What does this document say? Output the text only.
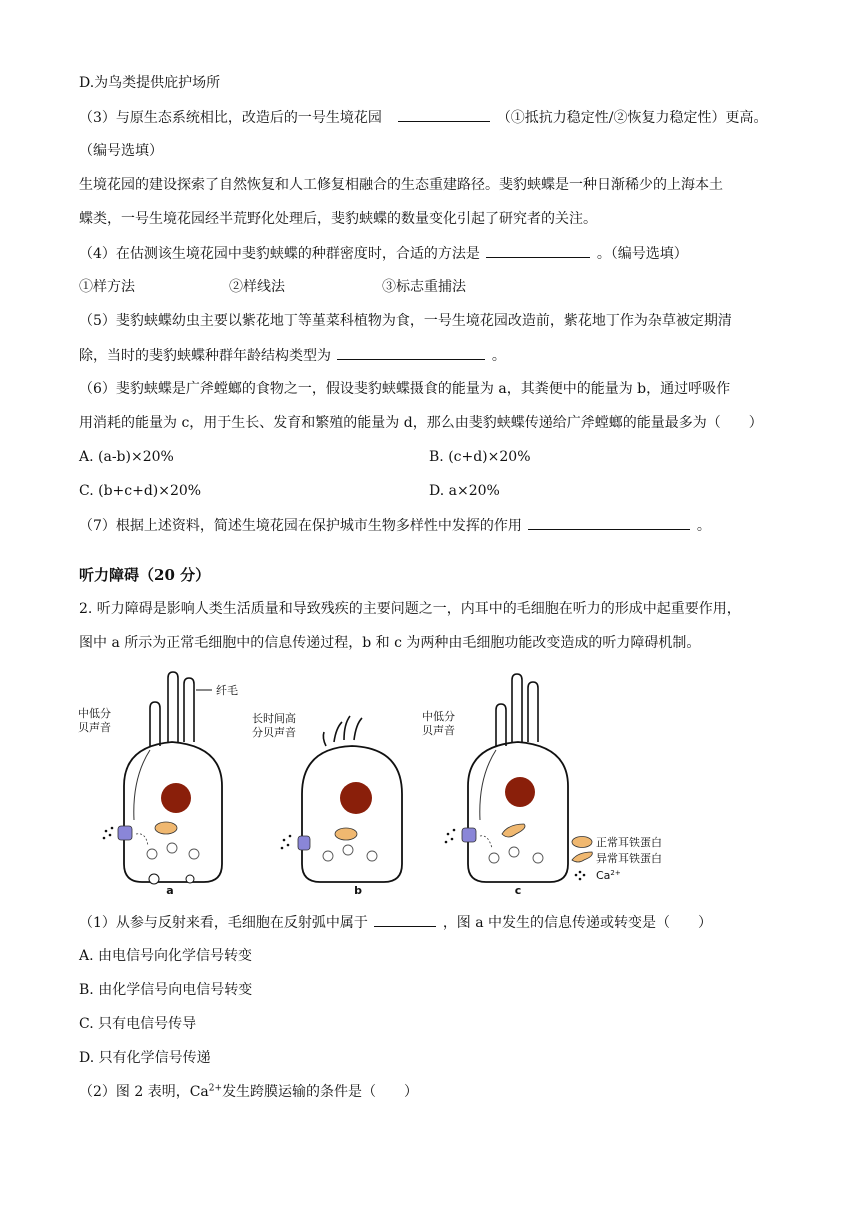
D.为鸟类提供庇护场所
（3）与原生态系统相比，改造后的一号生境花园	（①抵抗力稳定性/②恢复力稳定性）更高。
（编号选填）
生境花园的建设探索了自然恢复和人工修复相融合的生态重建路径。斐豹蛱蝶是一种日渐稀少的上海本土
蝶类，一号生境花园经半荒野化处理后，斐豹蛱蝶的数量变化引起了研究者的关注。
（4）在估测该生境花园中斐豹蛱蝶的种群密度时，合适的方法是	。（编号选填）
①样方法	②样线法	③标志重捕法
（5）斐豹蛱蝶幼虫主要以紫花地丁等堇菜科植物为食，一号生境花园改造前，紫花地丁作为杂草被定期清
除，当时的斐豹蛱蝶种群年龄结构类型为	。
（6）斐豹蛱蝶是广斧螳螂的食物之一，假设斐豹蛱蝶摄食的能量为 a，其粪便中的能量为 b，通过呼吸作
用消耗的能量为 c，用于生长、发育和繁殖的能量为 d，那么由斐豹蛱蝶传递给广斧螳螂的能量最多为（　　）
A. (a-b)×20%	B. (c+d)×20%
C. (b+c+d)×20%	D. a×20%
（7）根据上述资料，简述生境花园在保护城市生物多样性中发挥的作用	。
听力障碍（20 分）
2. 听力障碍是影响人类生活质量和导致残疾的主要问题之一，内耳中的毛细胞在听力的形成中起重要作用，
图中 a 所示为正常毛细胞中的信息传递过程，b 和 c 为两种由毛细胞功能改变造成的听力障碍机制。
纤毛
中低分
贝声音
a
长时间高
分贝声音
b
中低分
贝声音
c
正常耳铁蛋白
异常耳铁蛋白
$Ca^{2+}$
（1）从参与反射来看，毛细胞在反射弧中属于	，图 a 中发生的信息传递或转变是（　　）
A. 由电信号向化学信号转变
B. 由化学信号向电信号转变
C. 只有电信号传导
D. 只有化学信号传递
（2）图 2 表明，$Ca^{2+}$发生跨膜运输的条件是（　　）
